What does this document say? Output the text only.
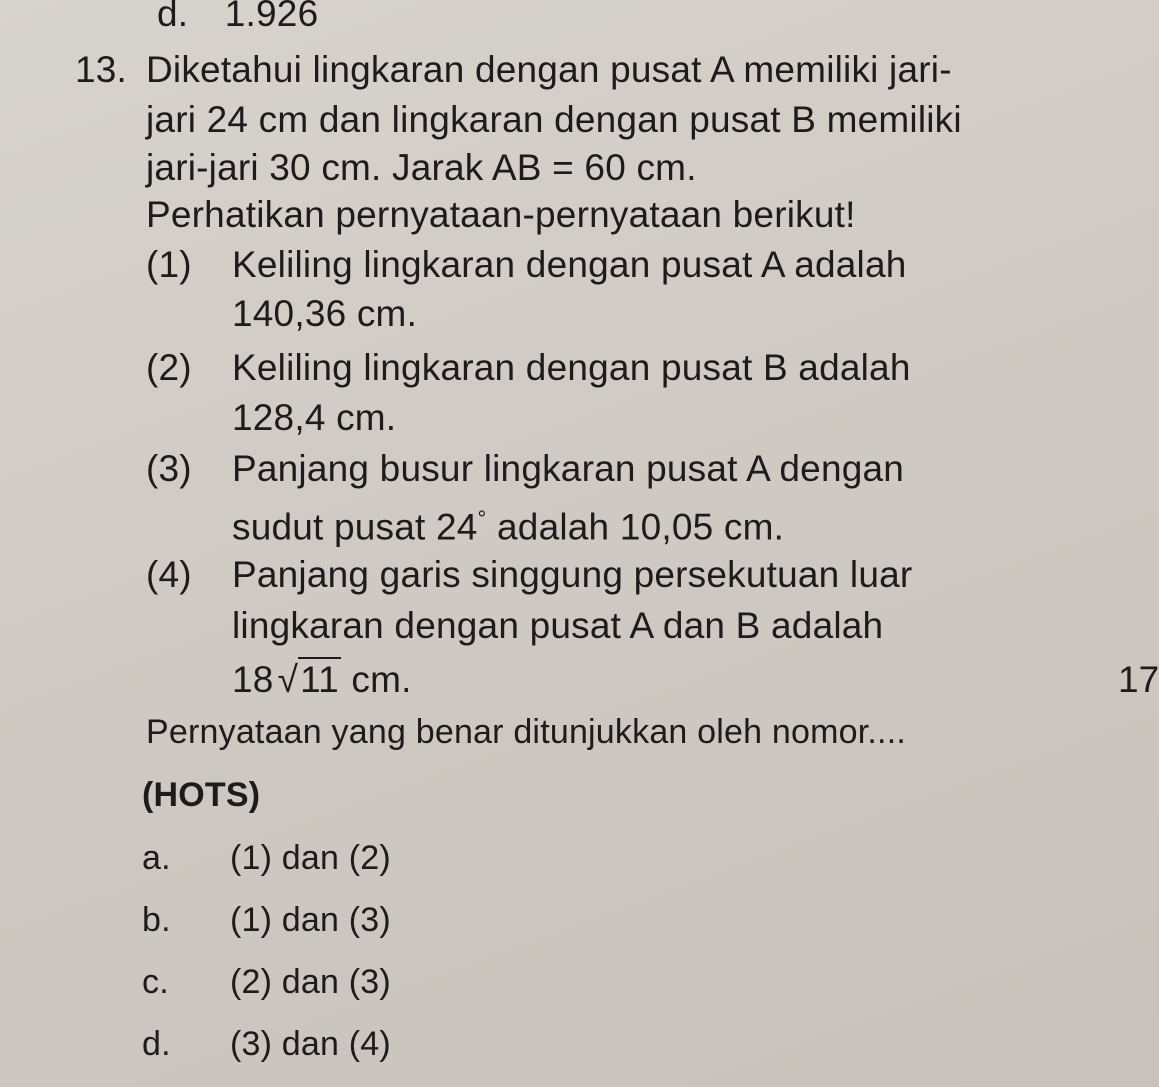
d. 1.926
13. Diketahui lingkaran dengan pusat A memiliki jari-
jari 24 cm dan lingkaran dengan pusat B memiliki
jari-jari 30 cm. Jarak AB = 60 cm.
Perhatikan pernyataan-pernyataan berikut!
(1) Keliling lingkaran dengan pusat A adalah
140,36 cm.
(2) Keliling lingkaran dengan pusat B adalah
128,4 cm.
(3) Panjang busur lingkaran pusat A dengan
sudut pusat 24° adalah 10,05 cm.
(4) Panjang garis singgung persekutuan luar
lingkaran dengan pusat A dan B adalah
18 √11 cm.	17
Pernyataan yang benar ditunjukkan oleh nomor....
(HOTS)
a. (1) dan (2)
b. (1) dan (3)
c. (2) dan (3)
d. (3) dan (4)
